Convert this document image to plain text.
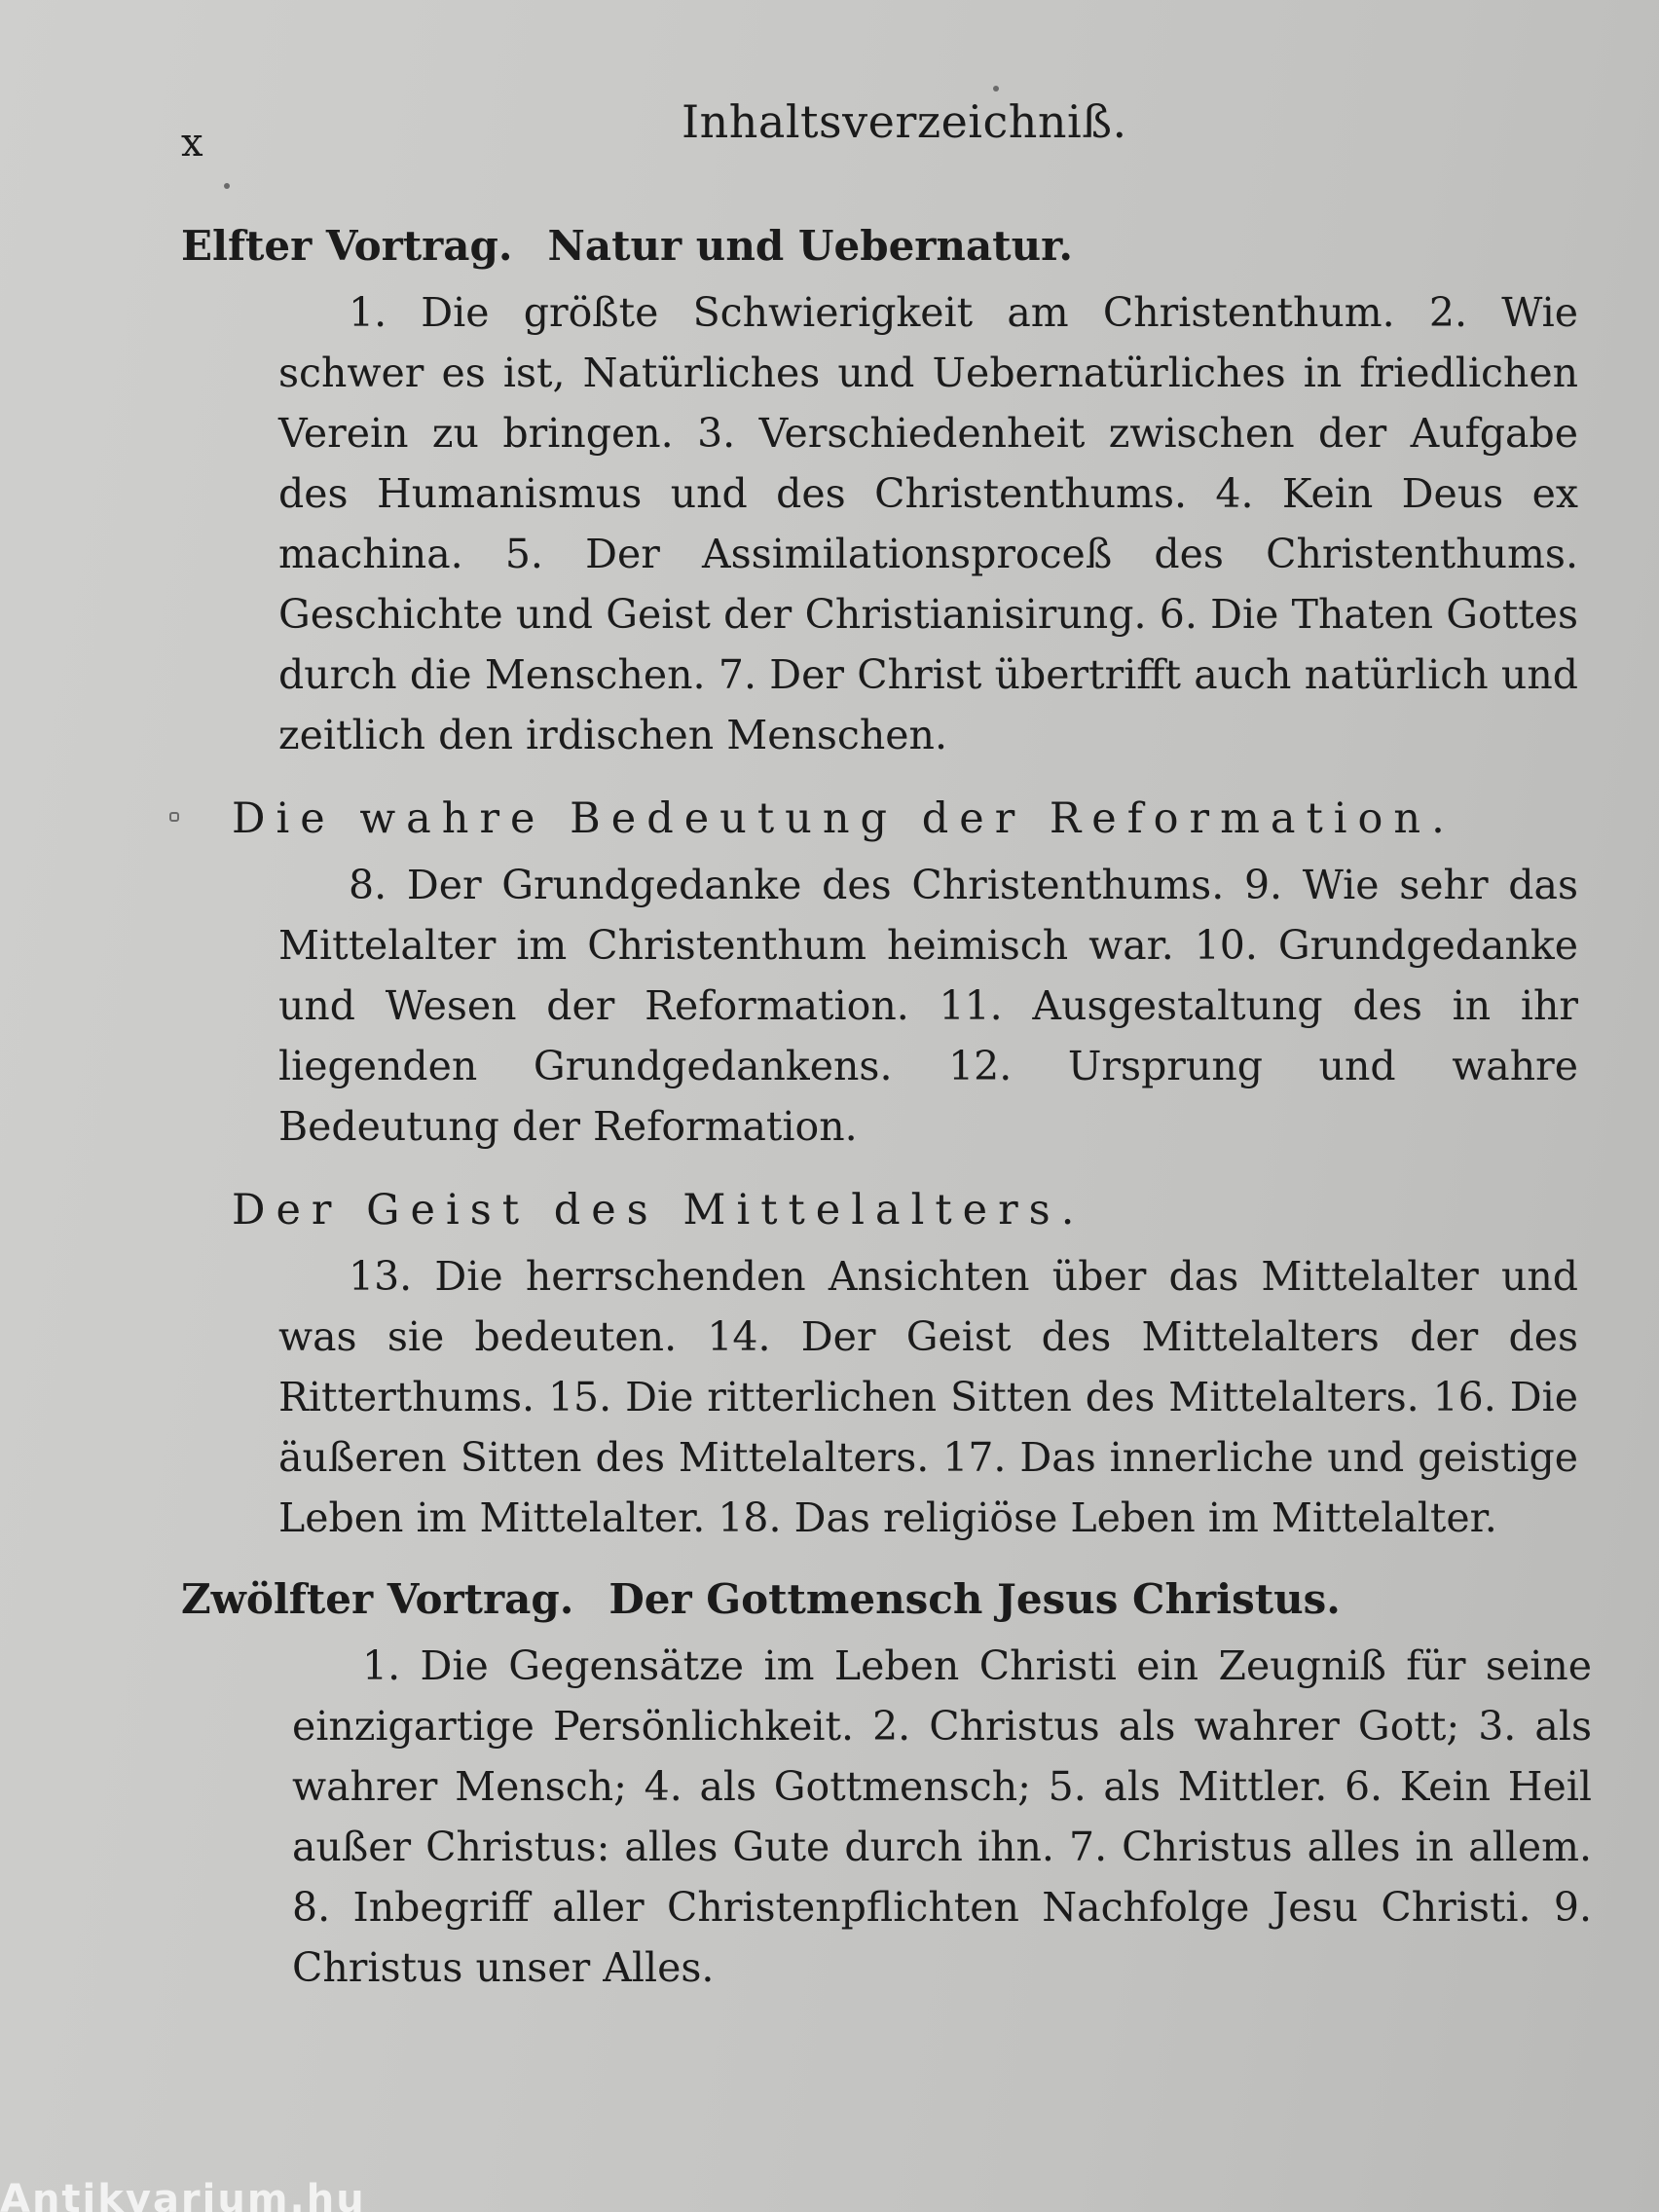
x	Inhaltsverzeichniß.
Elfter Vortrag. Natur und Uebernatur.

1. Die größte Schwierigkeit am Christenthum. 2. Wie schwer es ist, Natürliches und Uebernatürliches in friedlichen Verein zu bringen. 3. Verschiedenheit zwischen der Aufgabe des Humanismus und des Christenthums. 4. Kein Deus ex machina. 5. Der Assimilationsproceß des Christenthums. Geschichte und Geist der Christianisirung. 6. Die Thaten Gottes durch die Menschen. 7. Der Christ übertrifft auch natürlich und zeitlich den irdischen Menschen.

Die wahre Bedeutung der Reformation.

8. Der Grundgedanke des Christenthums. 9. Wie sehr das Mittelalter im Christenthum heimisch war. 10. Grundgedanke und Wesen der Reformation. 11. Ausgestaltung des in ihr liegenden Grundgedankens. 12. Ursprung und wahre Bedeutung der Reformation.

Der Geist des Mittelalters.

13. Die herrschenden Ansichten über das Mittelalter und was sie bedeuten. 14. Der Geist des Mittelalters der des Ritterthums. 15. Die ritterlichen Sitten des Mittelalters. 16. Die äußeren Sitten des Mittelalters. 17. Das innerliche und geistige Leben im Mittelalter. 18. Das religiöse Leben im Mittelalter.

Zwölfter Vortrag. Der Gottmensch Jesus Christus.

1. Die Gegensätze im Leben Christi ein Zeugniß für seine einzigartige Persönlichkeit. 2. Christus als wahrer Gott; 3. als wahrer Mensch; 4. als Gottmensch; 5. als Mittler. 6. Kein Heil außer Christus: alles Gute durch ihn. 7. Christus alles in allem. 8. Inbegriff aller Christenpflichten Nachfolge Jesu Christi. 9. Christus unser Alles.

Antikvarium.hu
